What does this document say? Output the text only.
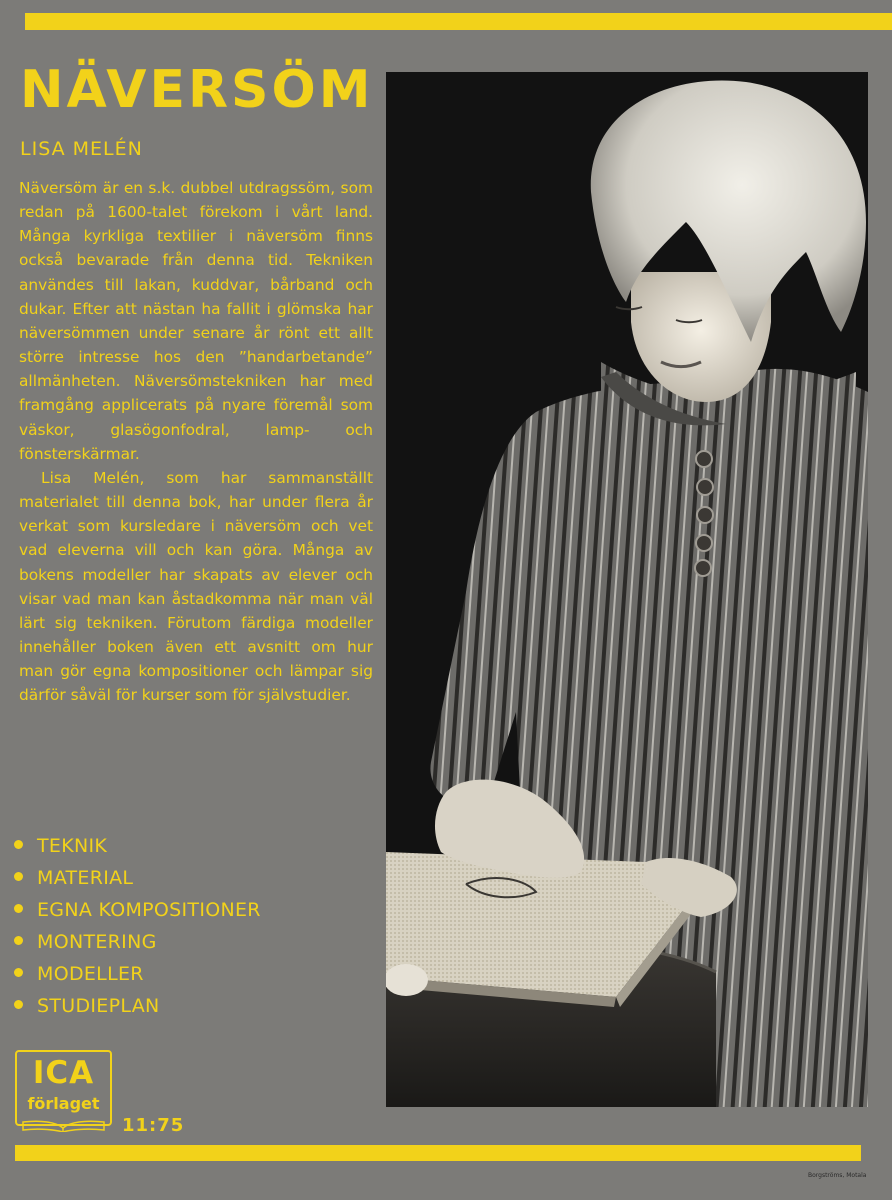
NÄVERSÖM
LISA MELÉN

Näversöm är en s.k. dubbel utdragssöm, som redan på 1600-talet förekom i vårt land. Många kyrkliga textilier i näversöm finns också bevarade från denna tid. Tekniken användes till lakan, kuddvar, bårband och dukar. Efter att nästan ha fallit i glömska har näversömmen under senare år rönt ett allt större intresse hos den ”handarbetande” allmänheten. Näversömstekniken har med framgång applicerats på nyare föremål som väskor, glasögonfodral, lamp- och fönsterskärmar.

Lisa Melén, som har sammanställt materialet till denna bok, har under flera år verkat som kursledare i näversöm och vet vad eleverna vill och kan göra. Många av bokens modeller har skapats av elever och visar vad man kan åstadkomma när man väl lärt sig tekniken. Förutom färdiga modeller innehåller boken även ett avsnitt om hur man gör egna kompositioner och lämpar sig därför såväl för kurser som för självstudier.

TEKNIK
MATERIAL
EGNA KOMPOSITIONER
MONTERING
MODELLER
STUDIEPLAN
ICA
förlaget
11:75
Borgströms, Motala
